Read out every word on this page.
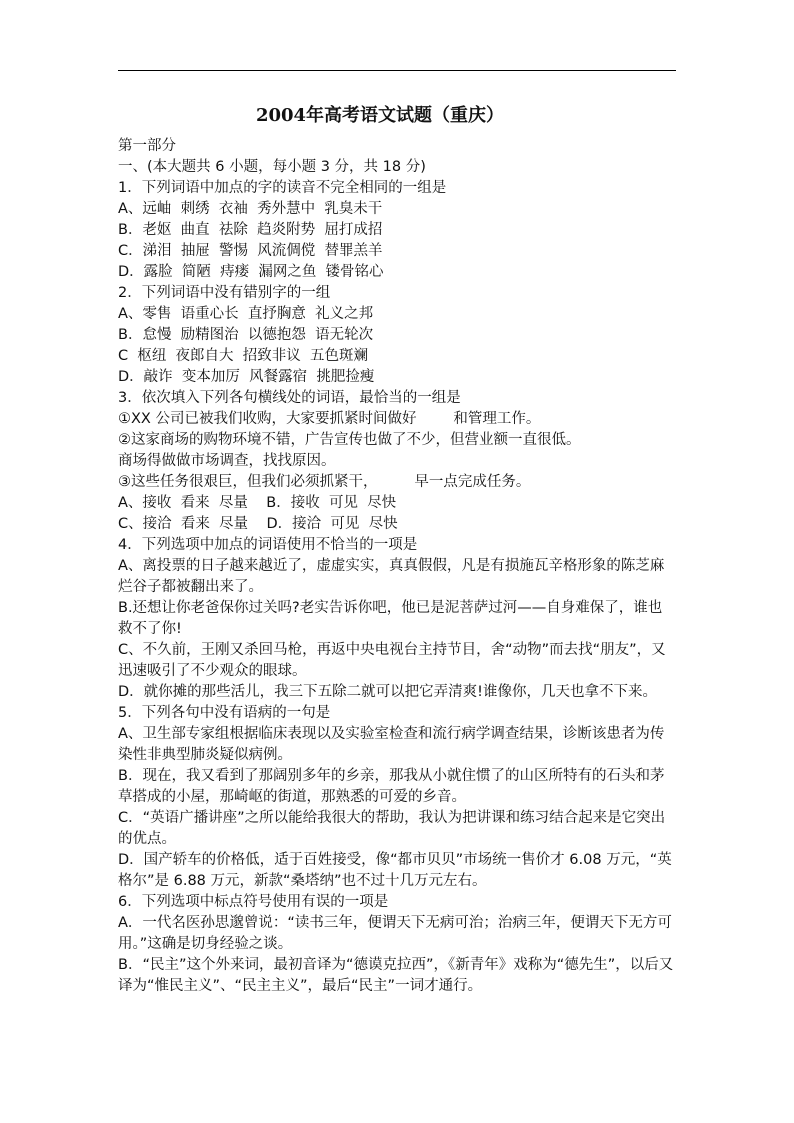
2004年高考语文试题（重庆）
第一部分
一、(本大题共 6 小题，每小题 3 分，共 18 分)
1．下列词语中加点的字的读音不完全相同的一组是
A、远岫  刺绣  衣袖  秀外慧中  乳臭未干
B．老妪  曲直  祛除  趋炎附势  屈打成招
C．涕泪  抽屉  警惕  风流倜傥  替罪羔羊
D．露脸  简陋  痔瘘  漏网之鱼  镂骨铭心
2．下列词语中没有错别字的一组
A、零售  语重心长  直抒胸意  礼义之邦
B．怠慢  励精图治  以德抱怨  语无轮次
C  枢纽  夜郎自大  招致非议  五色斑斓
D．敲诈  变本加厉  风餐露宿  挑肥捡瘦
3．依次填入下列各句横线处的词语，最恰当的一组是
①XX 公司已被我们收购，大家要抓紧时间做好        和管理工作。
②这家商场的购物环境不错，广告宣传也做了不少，但营业额一直很低。
商场得做做市场调查，找找原因。
③这些任务很艰巨，但我们必须抓紧干，        早一点完成任务。
A、接收  看来  尽量    B．接收  可见  尽快
C、接洽  看来  尽量    D．接洽  可见  尽快
4．下列选项中加点的词语使用不恰当的一项是
A、离投票的日子越来越近了，虚虚实实，真真假假，凡是有损施瓦辛格形象的陈芝麻烂谷子都被翻出来了。
B.还想让你老爸保你过关吗?老实告诉你吧，他已是泥菩萨过河——自身难保了，谁也救不了你!
C、不久前，王刚又杀回马枪，再返中央电视台主持节目，舍“动物”而去找“朋友”，又迅速吸引了不少观众的眼球。
D．就你摊的那些活儿，我三下五除二就可以把它弄清爽!谁像你，几天也拿不下来。
5．下列各句中没有语病的一句是
A、卫生部专家组根据临床表现以及实验室检查和流行病学调查结果，诊断该患者为传染性非典型肺炎疑似病例。
B．现在，我又看到了那阔别多年的乡亲，那我从小就住惯了的山区所特有的石头和茅草搭成的小屋，那崎岖的街道，那熟悉的可爱的乡音。
C．“英语广播讲座”之所以能给我很大的帮助，我认为把讲课和练习结合起来是它突出的优点。
D．国产轿车的价格低，适于百姓接受，像“都市贝贝”市场统一售价才 6.08 万元，“英格尔”是 6.88 万元，新款“桑塔纳”也不过十几万元左右。
6．下列选项中标点符号使用有误的一项是
A．一代名医孙思邈曾说：“读书三年，便谓天下无病可治；治病三年，便谓天下无方可用。”这确是切身经验之谈。
B．“民主”这个外来词，最初音译为“德谟克拉西”，《新青年》戏称为“德先生”，以后又译为“惟民主义”、“民主主义”，最后“民主”一词才通行。
